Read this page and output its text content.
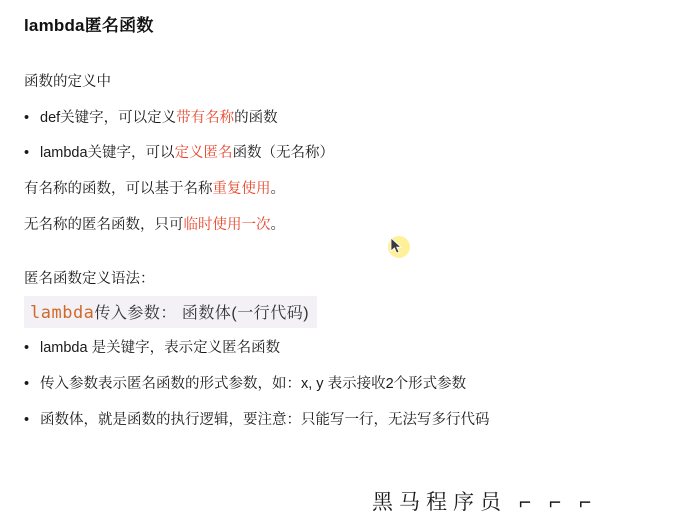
lambda匿名函数

函数的定义中

• def关键字，可以定义带有名称的函数
• lambda关键字，可以定义匿名函数（无名称）

有名称的函数，可以基于名称重复使用。

无名称的匿名函数，只可临时使用一次。

匿名函数定义语法：

lambda传入参数： 函数体(一行代码)
• lambda 是关键字，表示定义匿名函数
• 传入参数表示匿名函数的形式参数，如：x, y 表示接收2个形式参数
• 函数体，就是函数的执行逻辑，要注意：只能写一行，无法写多行代码
黑马程序员 ⌐ ⌐ ⌐
